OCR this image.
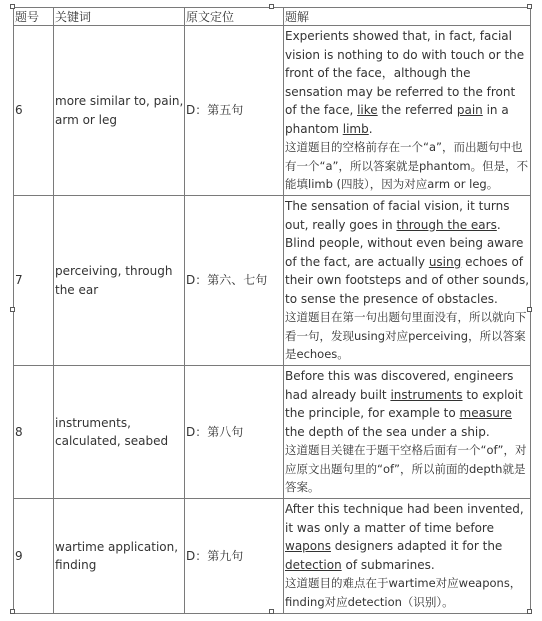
题号	关键词	原文定位	题解
6	more similar to, pain, arm or leg	D：第五句	Experients showed that, in fact, facial vision is nothing to do with touch or the front of the face，although the sensation may be referred to the front of the face, like the referred pain in a phantom limb.
这道题目的空格前存在一个“a”，而出题句中也有一个“a”，所以答案就是phantom。但是，不能填limb (四肢），因为对应arm or leg。

7	perceiving, through the ear	D：第六、七句	The sensation of facial vision, it turns out, really goes in through the ears. Blind people, without even being aware of the fact, are actually using echoes of their own footsteps and of other sounds, to sense the presence of obstacles.
这道题目在第一句出题句里面没有，所以就向下看一句，发现using对应perceiving，所以答案是echoes。

8	instruments, calculated, seabed	D：第八句	Before this was discovered, engineers had already built instruments to exploit the principle, for example to measure the depth of the sea under a ship.
这道题目关键在于题干空格后面有一个“of”，对应原文出题句里的“of”，所以前面的depth就是答案。

9	wartime application, finding	D：第九句	After this technique had been invented, it was only a matter of time before wapons designers adapted it for the detection of submarines.
这道题目的难点在于wartime对应weapons，finding对应detection（识别）。
